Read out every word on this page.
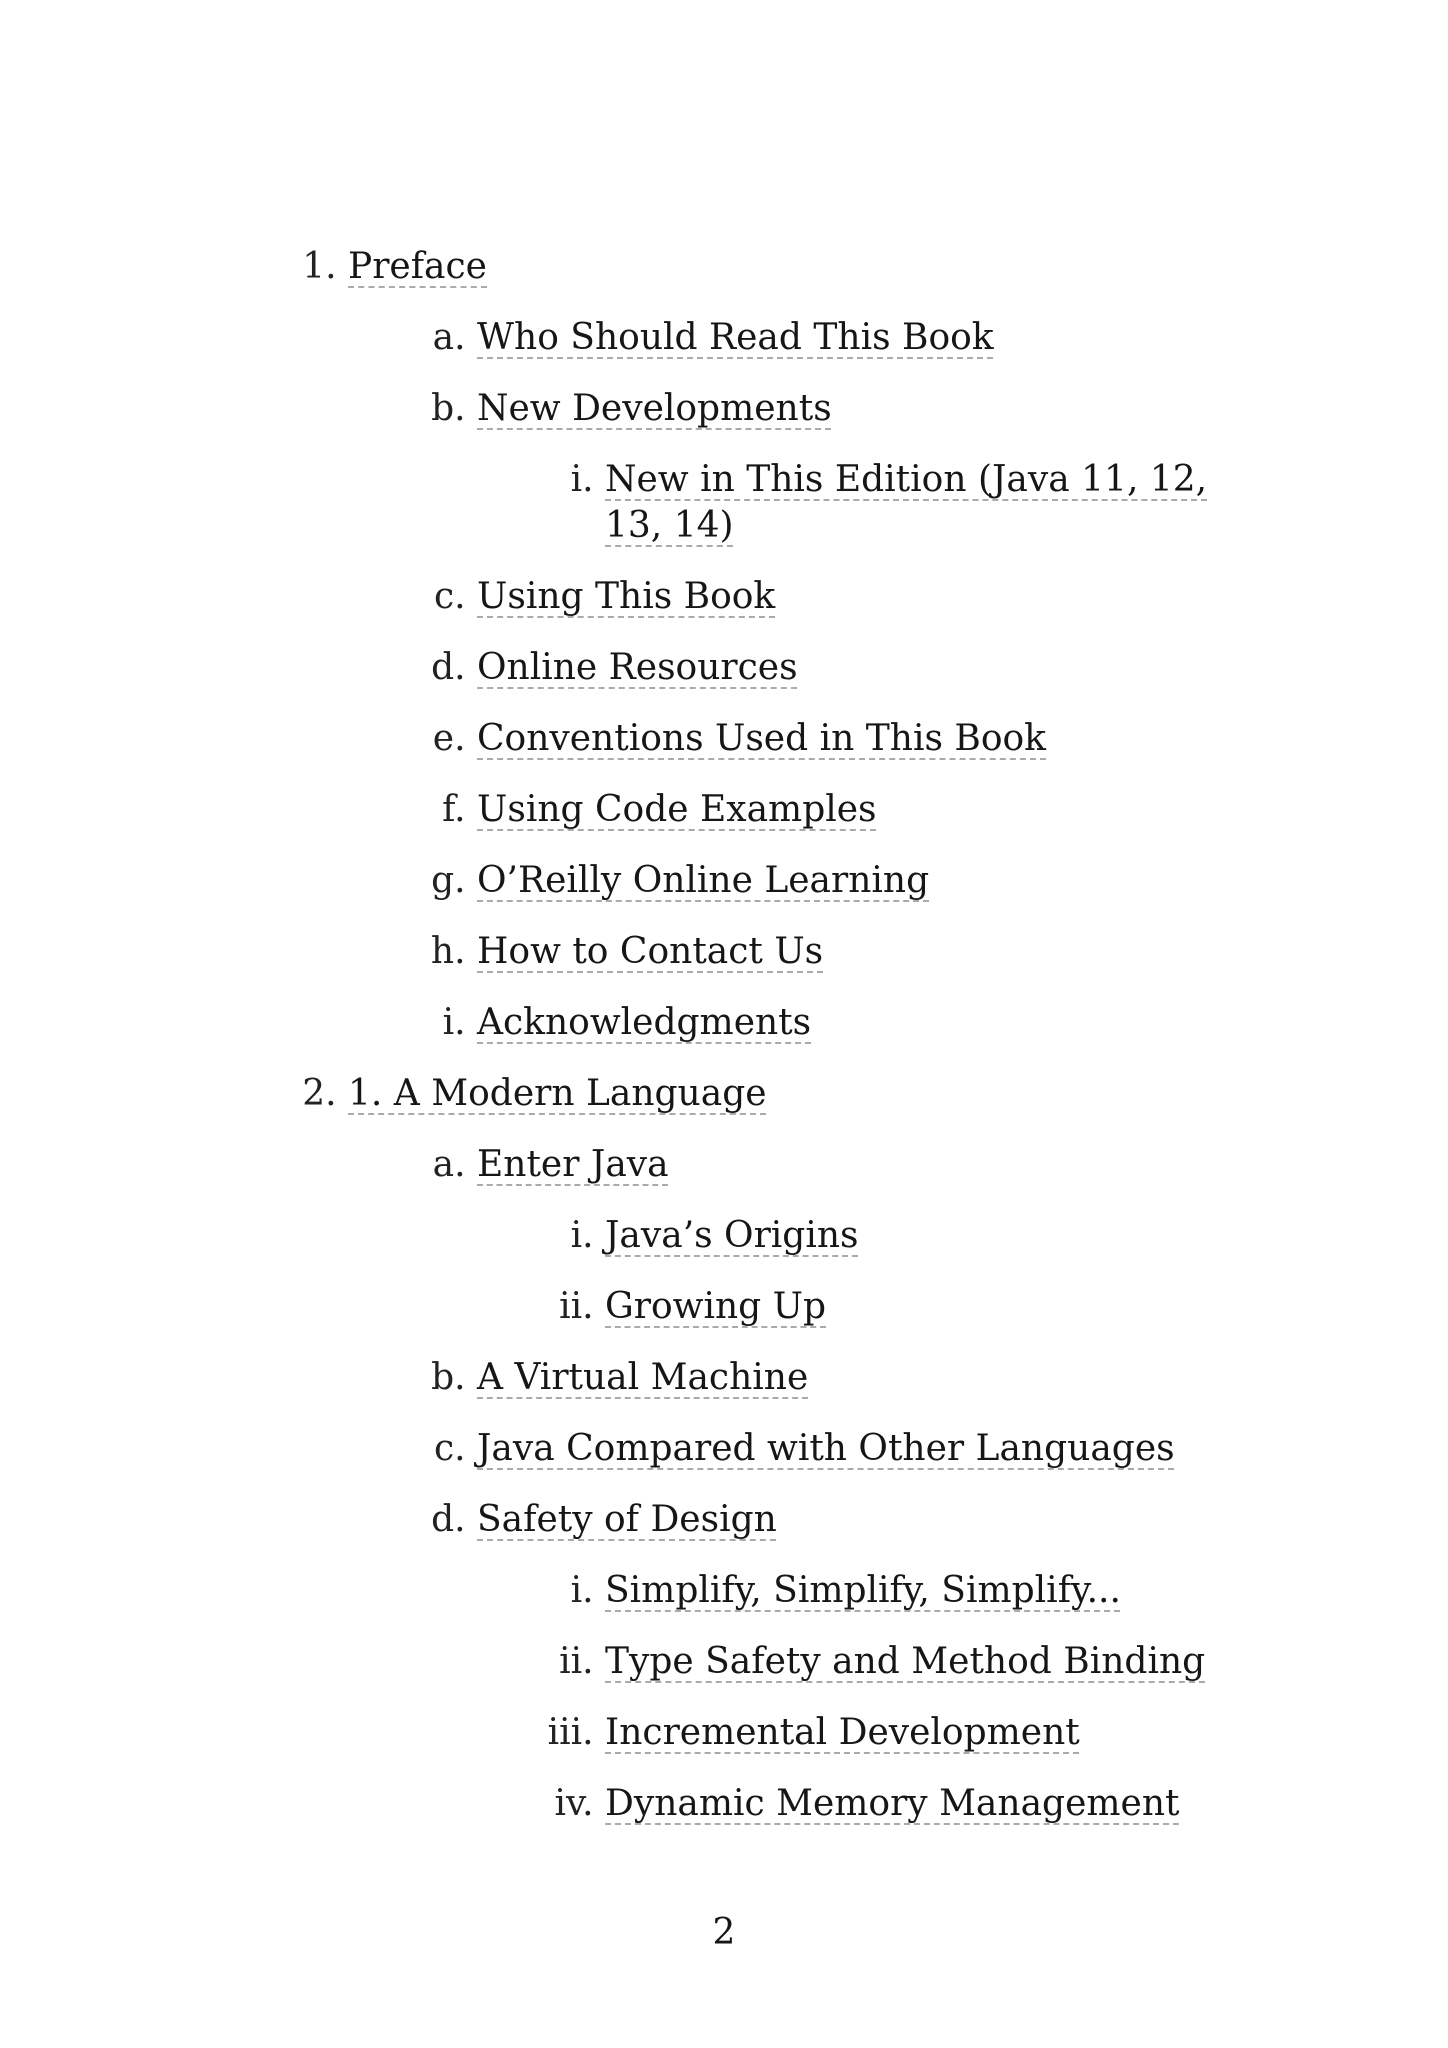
1. Preface
a. Who Should Read This Book
b. New Developments
i. New in This Edition (Java 11, 12, 13, 14)
c. Using This Book
d. Online Resources
e. Conventions Used in This Book
f. Using Code Examples
g. O’Reilly Online Learning
h. How to Contact Us
i. Acknowledgments
2. 1. A Modern Language
a. Enter Java
i. Java’s Origins
ii. Growing Up
b. A Virtual Machine
c. Java Compared with Other Languages
d. Safety of Design
i. Simplify, Simplify, Simplify...
ii. Type Safety and Method Binding
iii. Incremental Development
iv. Dynamic Memory Management
2
